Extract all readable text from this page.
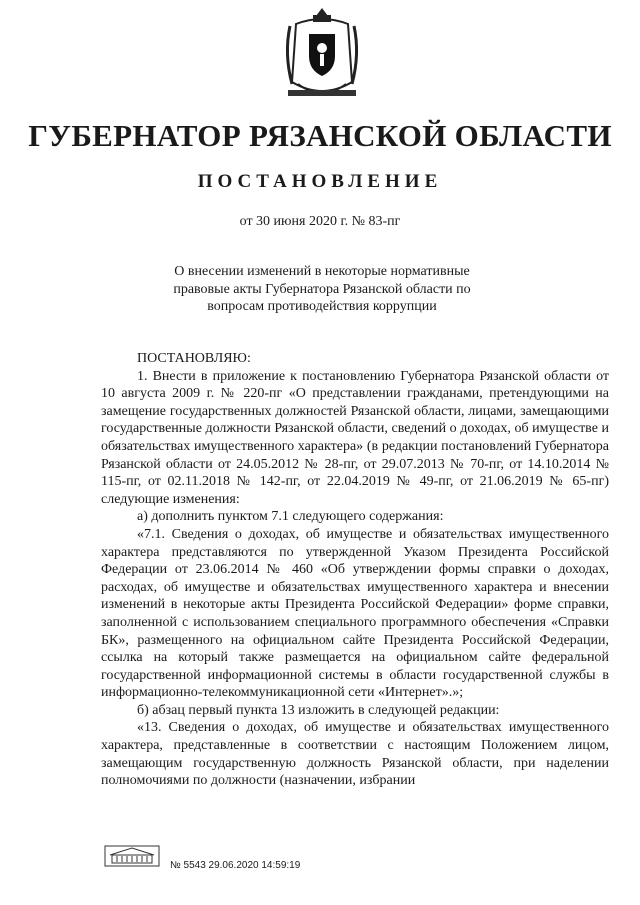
ГУБЕРНАТОР РЯЗАНСКОЙ ОБЛАСТИ
ПОСТАНОВЛЕНИЕ
от 30 июня 2020 г. № 83-пг
О внесении изменений в некоторые нормативные правовые акты Губернатора Рязанской области по вопросам противодействия коррупции

ПОСТАНОВЛЯЮ:

1. Внести в приложение к постановлению Губернатора Рязанской области от 10 августа 2009 г. № 220-пг «О представлении гражданами, претендующими на замещение государственных должностей Рязанской области, лицами, замещающими государственные должности Рязанской области, сведений о доходах, об имуществе и обязательствах имущественного характера» (в редакции постановлений Губернатора Рязанской области от 24.05.2012 № 28-пг, от 29.07.2013 № 70-пг, от 14.10.2014 № 115-пг, от 02.11.2018 № 142-пг, от 22.04.2019 № 49-пг, от 21.06.2019 № 65-пг) следующие изменения:

а) дополнить пунктом 7.1 следующего содержания:

«7.1. Сведения о доходах, об имуществе и обязательствах имущественного характера представляются по утвержденной Указом Президента Российской Федерации от 23.06.2014 № 460 «Об утверждении формы справки о доходах, расходах, об имуществе и обязательствах имущественного характера и внесении изменений в некоторые акты Президента Российской Федерации» форме справки, заполненной с использованием специального программного обеспечения «Справки БК», размещенного на официальном сайте Президента Российской Федерации, ссылка на который также размещается на официальном сайте федеральной государственной информационной системы в области государственной службы в информационно-телекоммуникационной сети «Интернет».»;

б) абзац первый пункта 13 изложить в следующей редакции:

«13. Сведения о доходах, об имуществе и обязательствах имущественного характера, представленные в соответствии с настоящим Положением лицом, замещающим государственную должность Рязанской области, при наделении полномочиями по должности (назначении, избрании

№ 5543 29.06.2020 14:59:19
